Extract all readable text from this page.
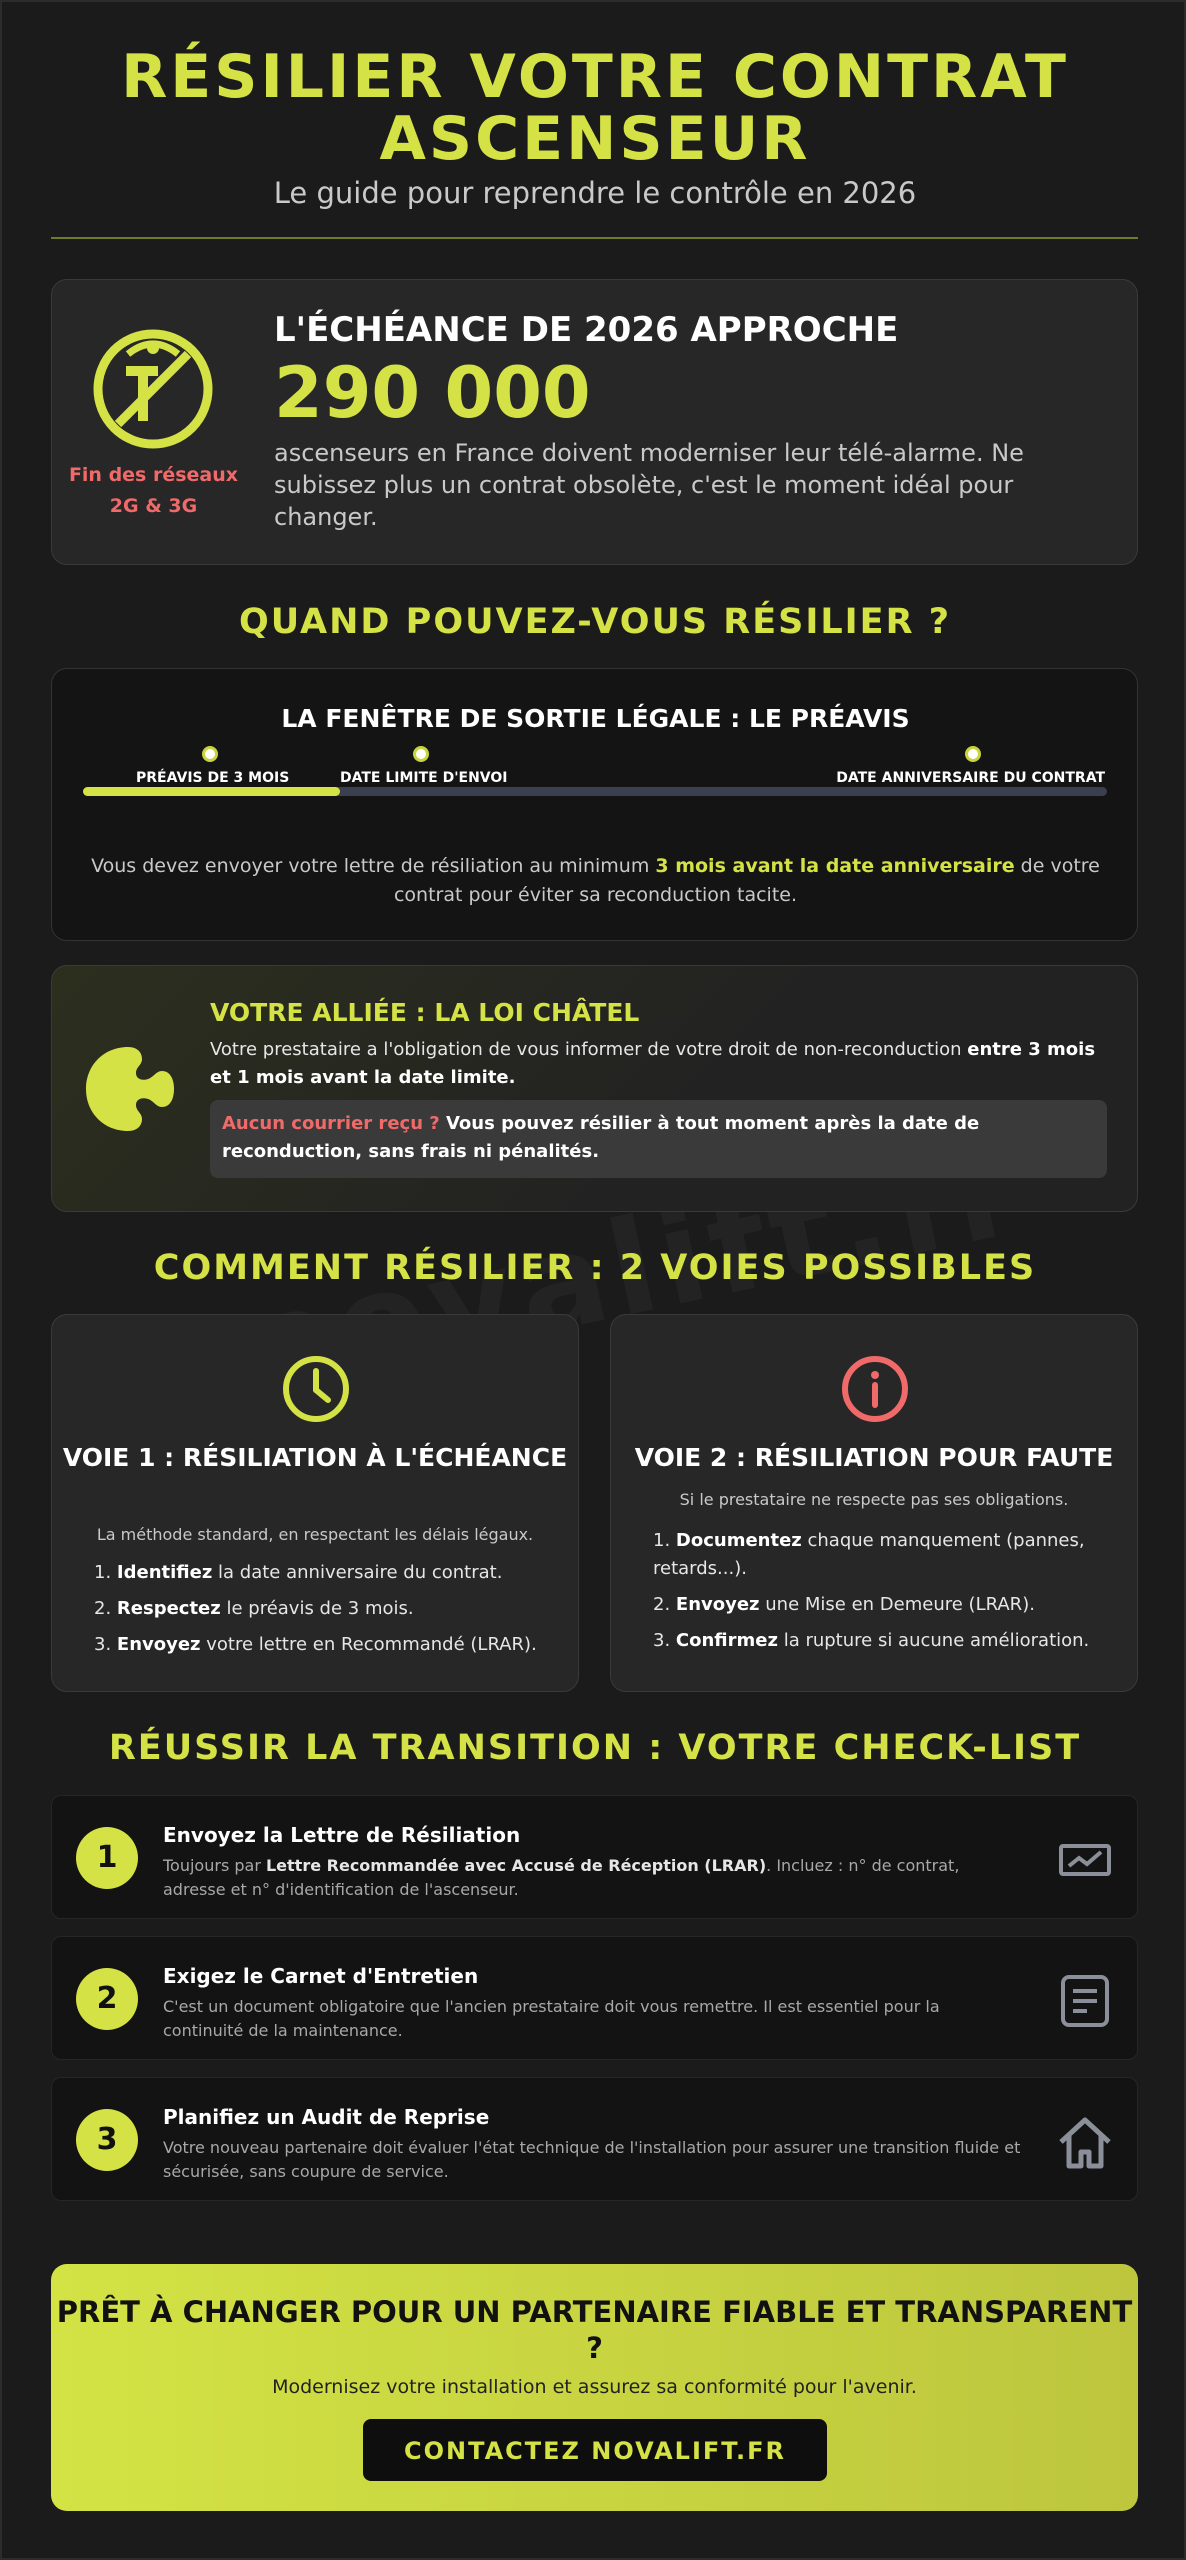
RÉSILIER VOTRE CONTRAT ASCENSEUR
Le guide pour reprendre le contrôle en 2026
Fin des réseaux 2G & 3G
L'ÉCHÉANCE DE 2026 APPROCHE
290 000
ascenseurs en France doivent moderniser leur télé-alarme. Ne subissez plus un contrat obsolète, c'est le moment idéal pour changer.
QUAND POUVEZ-VOUS RÉSILIER ?
LA FENÊTRE DE SORTIE LÉGALE : LE PRÉAVIS
PRÉAVIS DE 3 MOIS	DATE LIMITE D'ENVOI	DATE ANNIVERSAIRE DU CONTRAT
Vous devez envoyer votre lettre de résiliation au minimum 3 mois avant la date anniversaire de votre contrat pour éviter sa reconduction tacite.
VOTRE ALLIÉE : LA LOI CHÂTEL
Votre prestataire a l'obligation de vous informer de votre droit de non-reconduction entre 3 mois et 1 mois avant la date limite.
Aucun courrier reçu ? Vous pouvez résilier à tout moment après la date de reconduction, sans frais ni pénalités.
COMMENT RÉSILIER : 2 VOIES POSSIBLES
VOIE 1 : RÉSILIATION À L'ÉCHÉANCE
La méthode standard, en respectant les délais légaux.
1. Identifiez la date anniversaire du contrat.
2. Respectez le préavis de 3 mois.
3. Envoyez votre lettre en Recommandé (LRAR).
VOIE 2 : RÉSILIATION POUR FAUTE
Si le prestataire ne respecte pas ses obligations.
1. Documentez chaque manquement (pannes, retards...).
2. Envoyez une Mise en Demeure (LRAR).
3. Confirmez la rupture si aucune amélioration.
RÉUSSIR LA TRANSITION : VOTRE CHECK-LIST
1
Envoyez la Lettre de Résiliation
Toujours par Lettre Recommandée avec Accusé de Réception (LRAR). Incluez : n° de contrat, adresse et n° d'identification de l'ascenseur.
2
Exigez le Carnet d'Entretien
C'est un document obligatoire que l'ancien prestataire doit vous remettre. Il est essentiel pour la continuité de la maintenance.
3
Planifiez un Audit de Reprise
Votre nouveau partenaire doit évaluer l'état technique de l'installation pour assurer une transition fluide et sécurisée, sans coupure de service.
PRÊT À CHANGER POUR UN PARTENAIRE FIABLE ET TRANSPARENT ?
Modernisez votre installation et assurez sa conformité pour l'avenir.
CONTACTEZ NOVALIFT.FR
